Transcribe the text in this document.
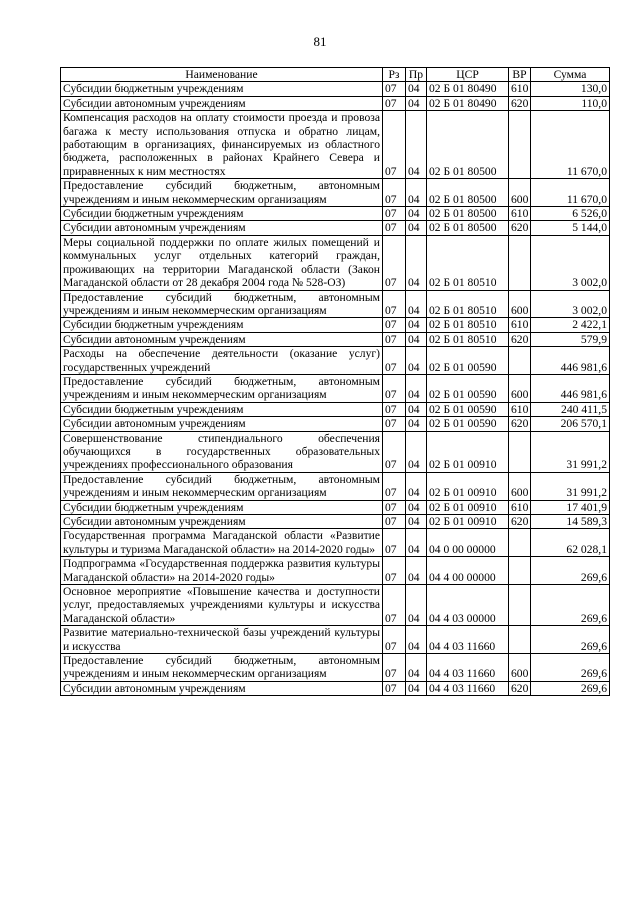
81
Наименование	Рз	Пр	ЦСР	ВР	Сумма
Субсидии бюджетным учреждениям	07	04	02 Б 01 80490	610	130,0
Субсидии автономным учреждениям	07	04	02 Б 01 80490	620	110,0
Компенсация расходов на оплату стоимости проезда и провоза багажа к месту использования отпуска и обратно лицам, работающим в организациях, финансируемых из областного бюджета, расположенных в районах Крайнего Севера и приравненных к ним местностях	07	04	02 Б 01 80500		11 670,0
Предоставление субсидий бюджетным, автономным учреждениям и иным некоммерческим организациям	07	04	02 Б 01 80500	600	11 670,0
Субсидии бюджетным учреждениям	07	04	02 Б 01 80500	610	6 526,0
Субсидии автономным учреждениям	07	04	02 Б 01 80500	620	5 144,0
Меры социальной поддержки по оплате жилых помещений и коммунальных услуг отдельных категорий граждан, проживающих на территории Магаданской области (Закон Магаданской области от 28 декабря 2004 года № 528-ОЗ)	07	04	02 Б 01 80510		3 002,0
Предоставление субсидий бюджетным, автономным учреждениям и иным некоммерческим организациям	07	04	02 Б 01 80510	600	3 002,0
Субсидии бюджетным учреждениям	07	04	02 Б 01 80510	610	2 422,1
Субсидии автономным учреждениям	07	04	02 Б 01 80510	620	579,9
Расходы на обеспечение деятельности (оказание услуг) государственных учреждений	07	04	02 Б 01 00590		446 981,6
Предоставление субсидий бюджетным, автономным учреждениям и иным некоммерческим организациям	07	04	02 Б 01 00590	600	446 981,6
Субсидии бюджетным учреждениям	07	04	02 Б 01 00590	610	240 411,5
Субсидии автономным учреждениям	07	04	02 Б 01 00590	620	206 570,1
Совершенствование стипендиального обеспечения обучающихся в государственных образовательных учреждениях профессионального образования	07	04	02 Б 01 00910		31 991,2
Предоставление субсидий бюджетным, автономным учреждениям и иным некоммерческим организациям	07	04	02 Б 01 00910	600	31 991,2
Субсидии бюджетным учреждениям	07	04	02 Б 01 00910	610	17 401,9
Субсидии автономным учреждениям	07	04	02 Б 01 00910	620	14 589,3
Государственная программа Магаданской области «Развитие культуры и туризма Магаданской области» на 2014-2020 годы»	07	04	04 0 00 00000		62 028,1
Подпрограмма «Государственная поддержка развития культуры Магаданской области» на 2014-2020 годы»	07	04	04 4 00 00000		269,6
Основное мероприятие «Повышение качества и доступности услуг, предоставляемых учреждениями культуры и искусства Магаданской области»	07	04	04 4 03 00000		269,6
Развитие материально-технической базы учреждений культуры и искусства	07	04	04 4 03 11660		269,6
Предоставление субсидий бюджетным, автономным учреждениям и иным некоммерческим организациям	07	04	04 4 03 11660	600	269,6
Субсидии автономным учреждениям	07	04	04 4 03 11660	620	269,6
